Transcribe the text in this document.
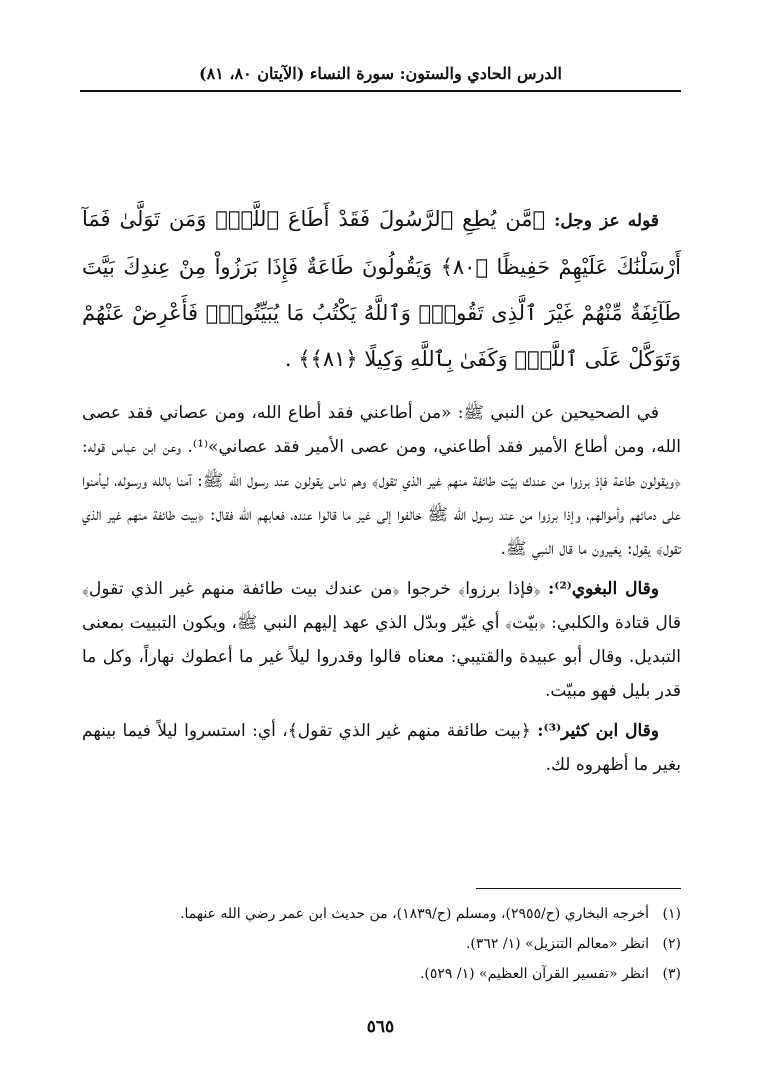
الدرس الحادي والستون: سورة النساء (الآيتان ٨٠، ٨١)

قوله عز وجل: ﴿مَّن يُطِعِ ٱلرَّسُولَ فَقَدْ أَطَاعَ ٱللَّهَۖ وَمَن تَوَلَّىٰ فَمَآ أَرْسَلْنَٰكَ عَلَيْهِمْ حَفِيظًا ﴿٨٠﴾ وَيَقُولُونَ طَاعَةٌ فَإِذَا بَرَزُواْ مِنْ عِندِكَ بَيَّتَ طَآئِفَةٌ مِّنْهُمْ غَيْرَ ٱلَّذِى تَقُولُۖ وَٱللَّهُ يَكْتُبُ مَا يُبَيِّتُونَۖ فَأَعْرِضْ عَنْهُمْ وَتَوَكَّلْ عَلَى ٱللَّهِۚ وَكَفَىٰ بِٱللَّهِ وَكِيلًا ﴿٨١﴾﴾ .

في الصحيحين عن النبي ﷺ: «من أطاعني فقد أطاع الله، ومن عصاني فقد عصى الله، ومن أطاع الأمير فقد أطاعني، ومن عصى الأمير فقد عصاني»⁽¹⁾. وعن ابن عباس قوله: ﴿ويقولون طاعة فإذ برزوا من عندك بيّت طائفة منهم غير الذي تقول﴾ وهم ناس يقولون عند رسول الله ﷺ: آمنا بالله ورسوله، ليأمنوا على دمائهم وأموالهم، وإذا برزوا من عند رسول الله ﷺ خالفوا إلى غير ما قالوا عنده، فعابهم الله فقال: ﴿بيت طائفة منهم غير الذي تقول﴾ يقول: يغيرون ما قال النبي ﷺ.

وقال البغوي⁽²⁾: ﴿فإذا برزوا﴾ خرجوا ﴿من عندك بيت طائفة منهم غير الذي تقول﴾ قال قتادة والكلبي: ﴿بيّت﴾ أي غيّر وبدّل الذي عهد إليهم النبي ﷺ، ويكون التبييت بمعنى التبديل. وقال أبو عبيدة والقتيبي: معناه قالوا وقدروا ليلاً غير ما أعطوك نهاراً، وكل ما قدر بليل فهو مبيّت.

وقال ابن كثير⁽³⁾: ﴿بيت طائفة منهم غير الذي تقول﴾، أي: استسروا ليلاً فيما بينهم بغير ما أظهروه لك.

(١)أخرجه البخاري (ح/٢٩٥٥)، ومسلم (ح/١٨٣٩)، من حديث ابن عمر رضي الله عنهما.
(٢)انظر «معالم التنزيل» (١/ ٣٦٢).
(٣)انظر «تفسير القرآن العظيم» (١/ ٥٢٩).
٥٦٥
